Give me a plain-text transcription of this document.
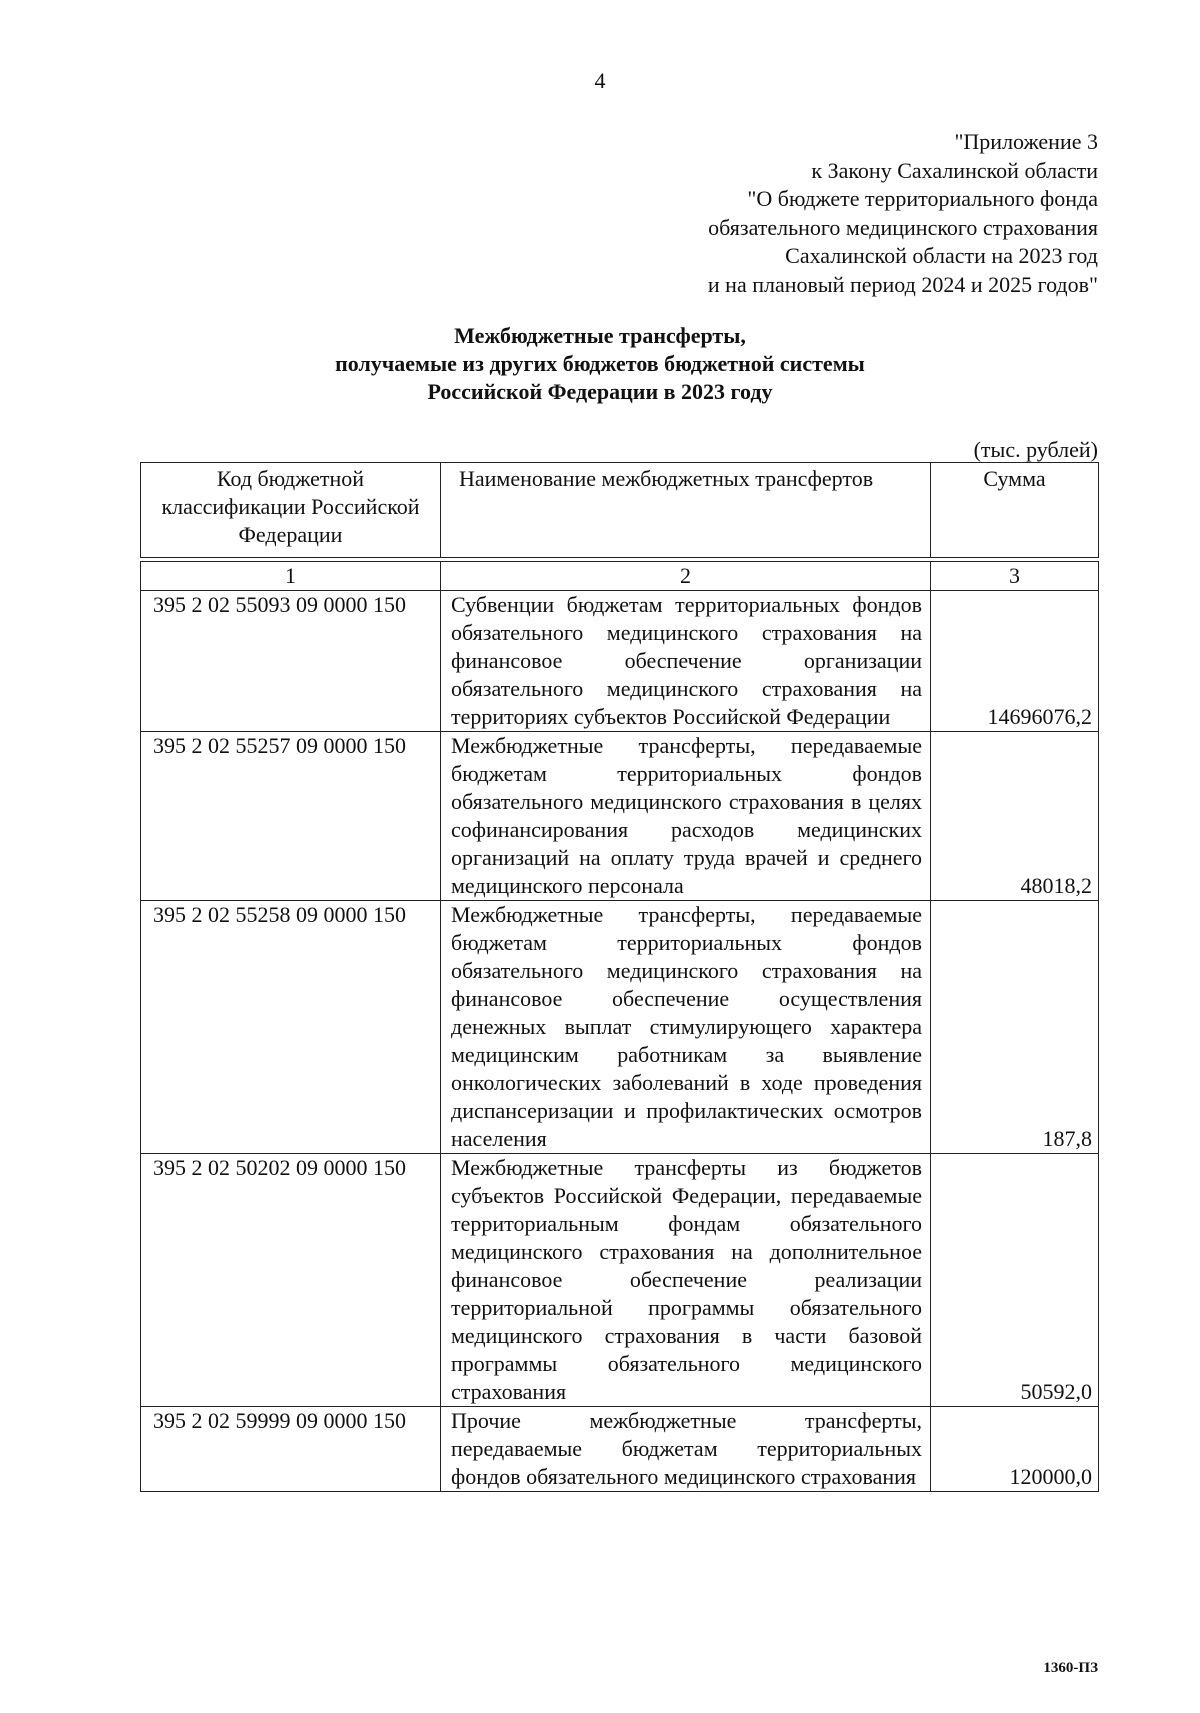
4
"Приложение 3
к Закону Сахалинской области
"О бюджете территориального фонда
обязательного медицинского страхования
Сахалинской области на 2023 год
и на плановый период 2024 и 2025 годов"
Межбюджетные трансферты,
получаемые из других бюджетов бюджетной системы
Российской Федерации в 2023 году
(тыс. рублей)
Код бюджетной классификации Российской Федерации	Наименование межбюджетных трансфертов	Сумма

1	2	3
395 2 02 55093 09 0000 150	Субвенции бюджетам территориальных фондов обязательного медицинского страхования на финансовое обеспечение организации обязательного медицинского страхования на территориях субъектов Российской Федерации	14696076,2
395 2 02 55257 09 0000 150	Межбюджетные трансферты, передаваемые бюджетам территориальных фондов обязательного медицинского страхования в целях софинансирования расходов медицинских организаций на оплату труда врачей и среднего медицинского персонала	48018,2
395 2 02 55258 09 0000 150	Межбюджетные трансферты, передаваемые бюджетам территориальных фондов обязательного медицинского страхования на финансовое обеспечение осуществления денежных выплат стимулирующего характера медицинским работникам за выявление онкологических заболеваний в ходе проведения диспансеризации и профилактических осмотров населения	187,8
395 2 02 50202 09 0000 150	Межбюджетные трансферты из бюджетов субъектов Российской Федерации, передаваемые территориальным фондам обязательного медицинского страхования на дополнительное финансовое обеспечение реализации территориальной программы обязательного медицинского страхования в части базовой программы обязательного медицинского страхования	50592,0
395 2 02 59999 09 0000 150	Прочие межбюджетные трансферты, передаваемые бюджетам территориальных фондов обязательного медицинского страхования	120000,0
1360-ПЗ
